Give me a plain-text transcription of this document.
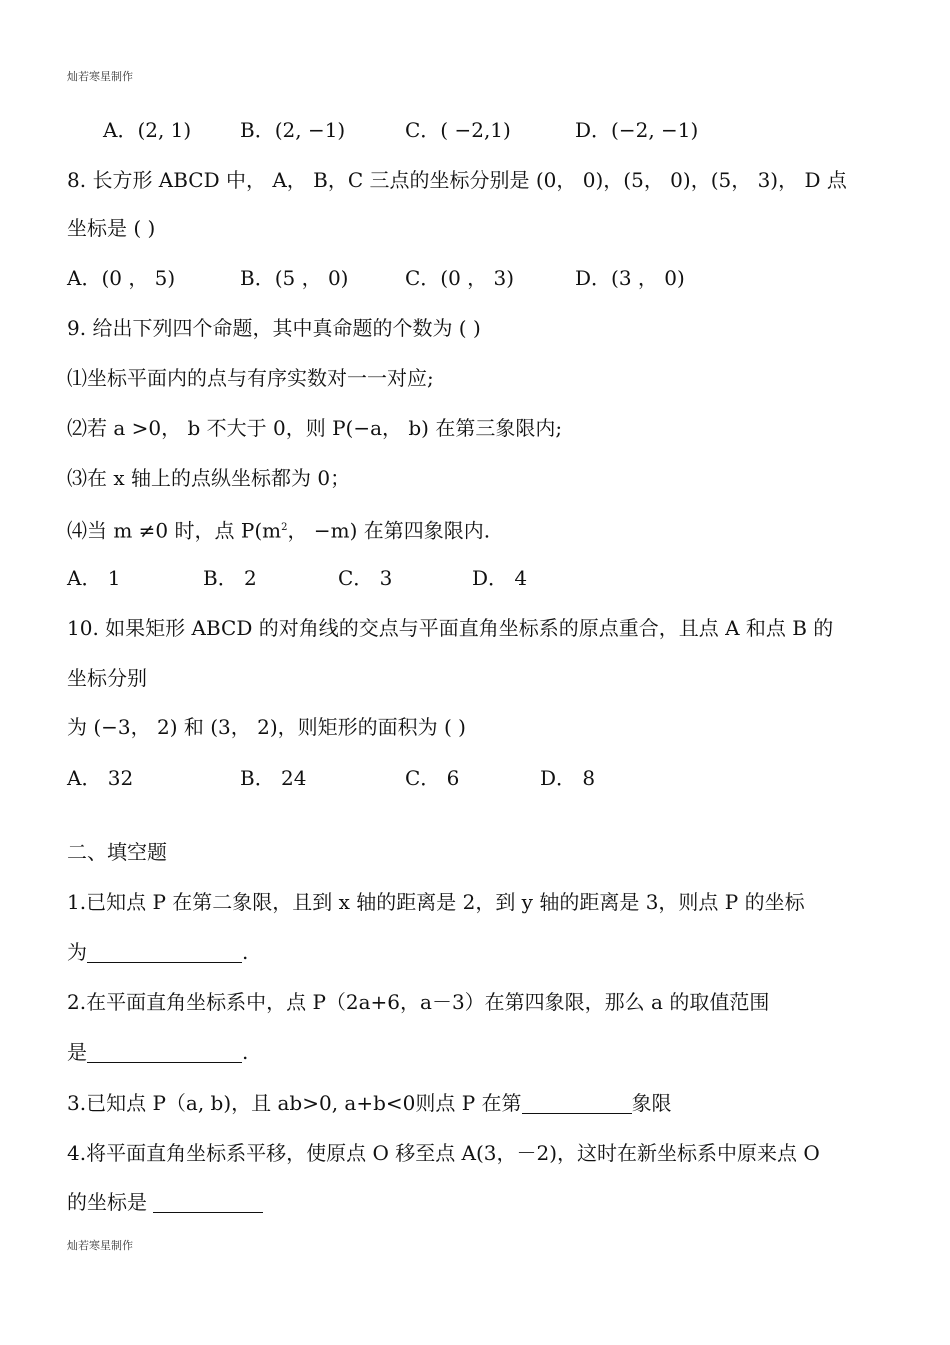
灿若寒星制作
A．(2, 1) B．(2, −1)	C．( −2,1)	D．(−2, −1)
8. 长方形 ABCD 中， A， B，C 三点的坐标分别是 (0， 0)，(5， 0)，(5， 3)， D 点
坐标是 ( )
A．(0 ， 5)	B．(5 ， 0)	C．(0 ， 3)	D．(3 ， 0)
9. 给出下列四个命题，其中真命题的个数为 ( )
⑴坐标平面内的点与有序实数对一一对应;
⑵若 a >0， b 不大于 0，则 P(−a， b) 在第三象限内;
⑶在 x 轴上的点纵坐标都为 0；
⑷当 m ≠0 时，点 $P(m^2$， −m) 在第四象限内.
A． 1	B． 2	C． 3	D． 4
10. 如果矩形 ABCD 的对角线的交点与平面直角坐标系的原点重合，且点 A 和点 B 的
坐标分别
为 (−3， 2) 和 (3， 2)，则矩形的面积为 ( )
A． 32	B． 24	C． 6	D． 8
二、填空题
1.已知点 P 在第二象限，且到 x 轴的距离是 2，到 y 轴的距离是 3，则点 P 的坐标
为	.
2.在平面直角坐标系中，点 P（2a+6，a－3）在第四象限，那么 a 的取值范围
是	.
3.已知点 P（a, b)，且 ab>0, a+b<0则点 P 在第	象限
4.将平面直角坐标系平移，使原点 O 移至点 A(3，－2)，这时在新坐标系中原来点 O
的坐标是
灿若寒星制作
